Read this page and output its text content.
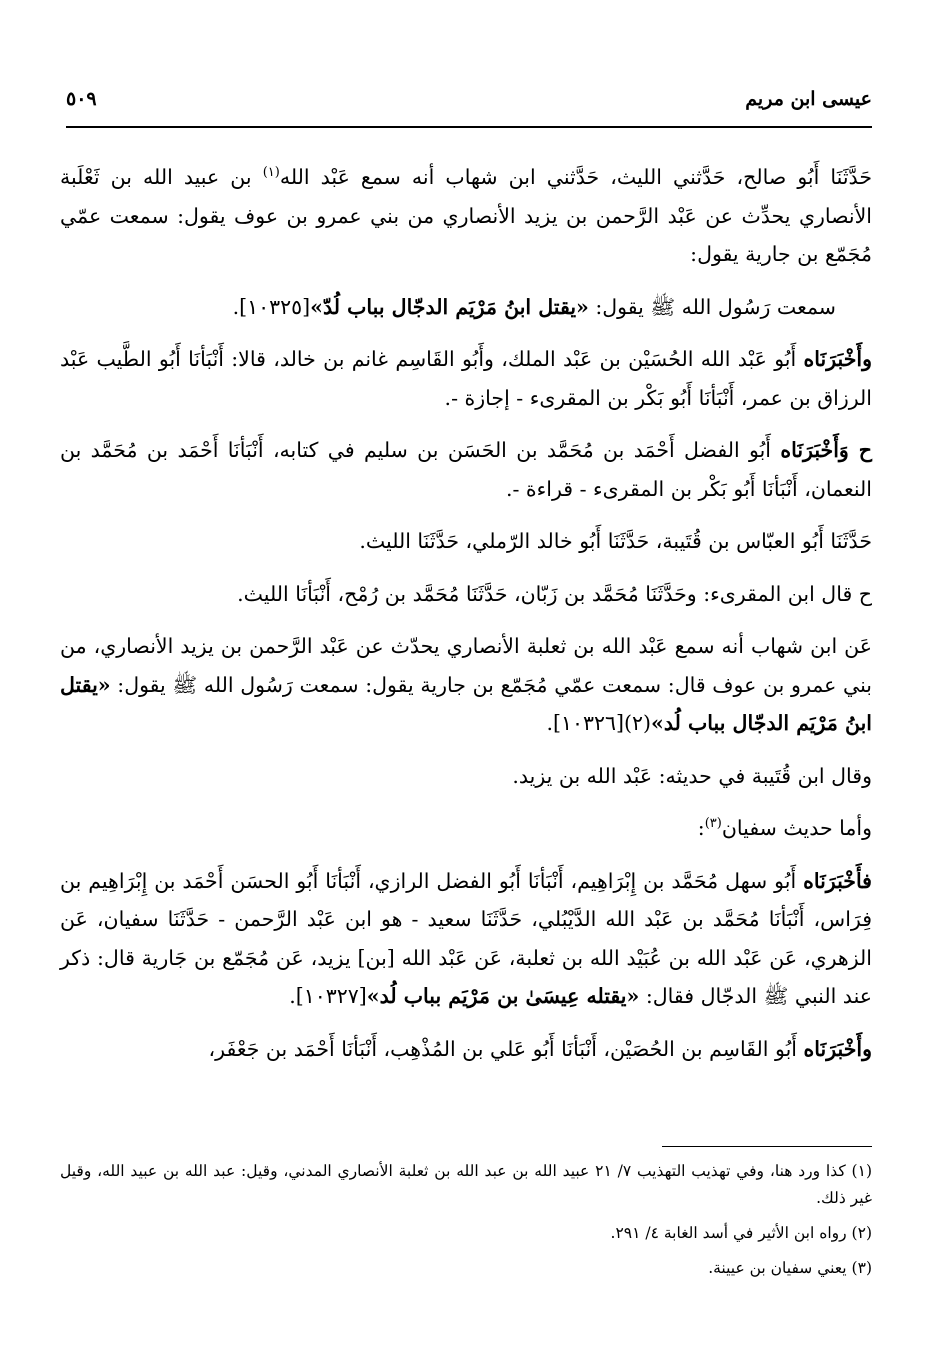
عيسى ابن مريم
٥٠٩

حَدَّثَنَا أَبُو صالح، حَدَّثني الليث، حَدَّثني ابن شهاب أنه سمع عَبْد الله$^{(١)}$ بن عبيد الله بن ثَعْلَبة الأنصاري يحدِّث عن عَبْد الرَّحمن بن يزيد الأنصاري من بني عمرو بن عوف يقول: سمعت عمّي مُجَمّع بن جارية يقول:

سمعت رَسُول الله ﷺ يقول: «يقتل ابنُ مَرْيَم الدجّال بباب لُدّ»[١٠٣٢٥].

وأَخْبَرَنَاه أَبُو عَبْد الله الحُسَيْن بن عَبْد الملك، وأَبُو القَاسِم غانم بن خالد، قالا: أَنْبَأنَا أَبُو الطَّيب عَبْد الرزاق بن عمر، أَنْبَأنَا أَبُو بَكْر بن المقرىء - إجازة -.

ح وَأَخْبَرَنَاه أَبُو الفضل أَحْمَد بن مُحَمَّد بن الحَسَن بن سليم في كتابه، أَنْبَأنَا أَحْمَد بن مُحَمَّد بن النعمان، أَنْبَأنَا أَبُو بَكْر بن المقرىء - قراءة -.

حَدَّثَنَا أَبُو العبّاس بن قُتَيبة، حَدَّثَنَا أَبُو خالد الرّملي، حَدَّثَنَا الليث.

ح قال ابن المقرىء: وحَدَّثَنَا مُحَمَّد بن زَبّان، حَدَّثَنَا مُحَمَّد بن رُمْح، أَنْبَأنَا الليث.

عَن ابن شهاب أنه سمع عَبْد الله بن ثعلبة الأنصاري يحدّث عن عَبْد الرَّحمن بن يزيد الأنصاري، من بني عمرو بن عوف قال: سمعت عمّي مُجَمّع بن جارية يقول: سمعت رَسُول الله ﷺ يقول: «يقتل ابنُ مَرْيَم الدجّال بباب لُد»(٢)[١٠٣٢٦].

وقال ابن قُتَيبة في حديثه: عَبْد الله بن يزيد.

وأما حديث سفيان$^{(٣)}$:

فأَخْبَرَنَاه أَبُو سهل مُحَمَّد بن إِبْرَاهِيم، أَنْبَأنَا أَبُو الفضل الرازي، أَنْبَأنَا أَبُو الحسَن أَحْمَد بن إِبْرَاهِيم بن فِرَاس، أَنْبَأنَا مُحَمَّد بن عَبْد الله الدَّيْبُلي، حَدَّثَنَا سعيد - هو ابن عَبْد الرَّحمن - حَدَّثَنَا سفيان، عَن الزهري، عَن عَبْد الله بن عُبَيْد الله بن ثعلبة، عَن عَبْد الله [بن] يزيد، عَن مُجَمّع بن جَارية قال: ذكر عند النبي ﷺ الدجّال فقال: «يقتله عِيسَىٰ بن مَرْيَم بباب لُد»[١٠٣٢٧].

وأَخْبَرَنَاه أَبُو القَاسِم بن الحُصَيْن، أَنْبَأنَا أَبُو عَلي بن المُذْهِب، أَنْبَأنَا أَحْمَد بن جَعْفَر،

(١) كذا ورد هنا، وفي تهذيب التهذيب ٧/ ٢١ عبيد الله بن عبد الله بن ثعلبة الأنصاري المدني، وقيل: عبد الله بن عبيد الله، وقيل غير ذلك.

(٢) رواه ابن الأثير في أسد الغابة ٤/ ٢٩١.

(٣) يعني سفيان بن عيينة.
